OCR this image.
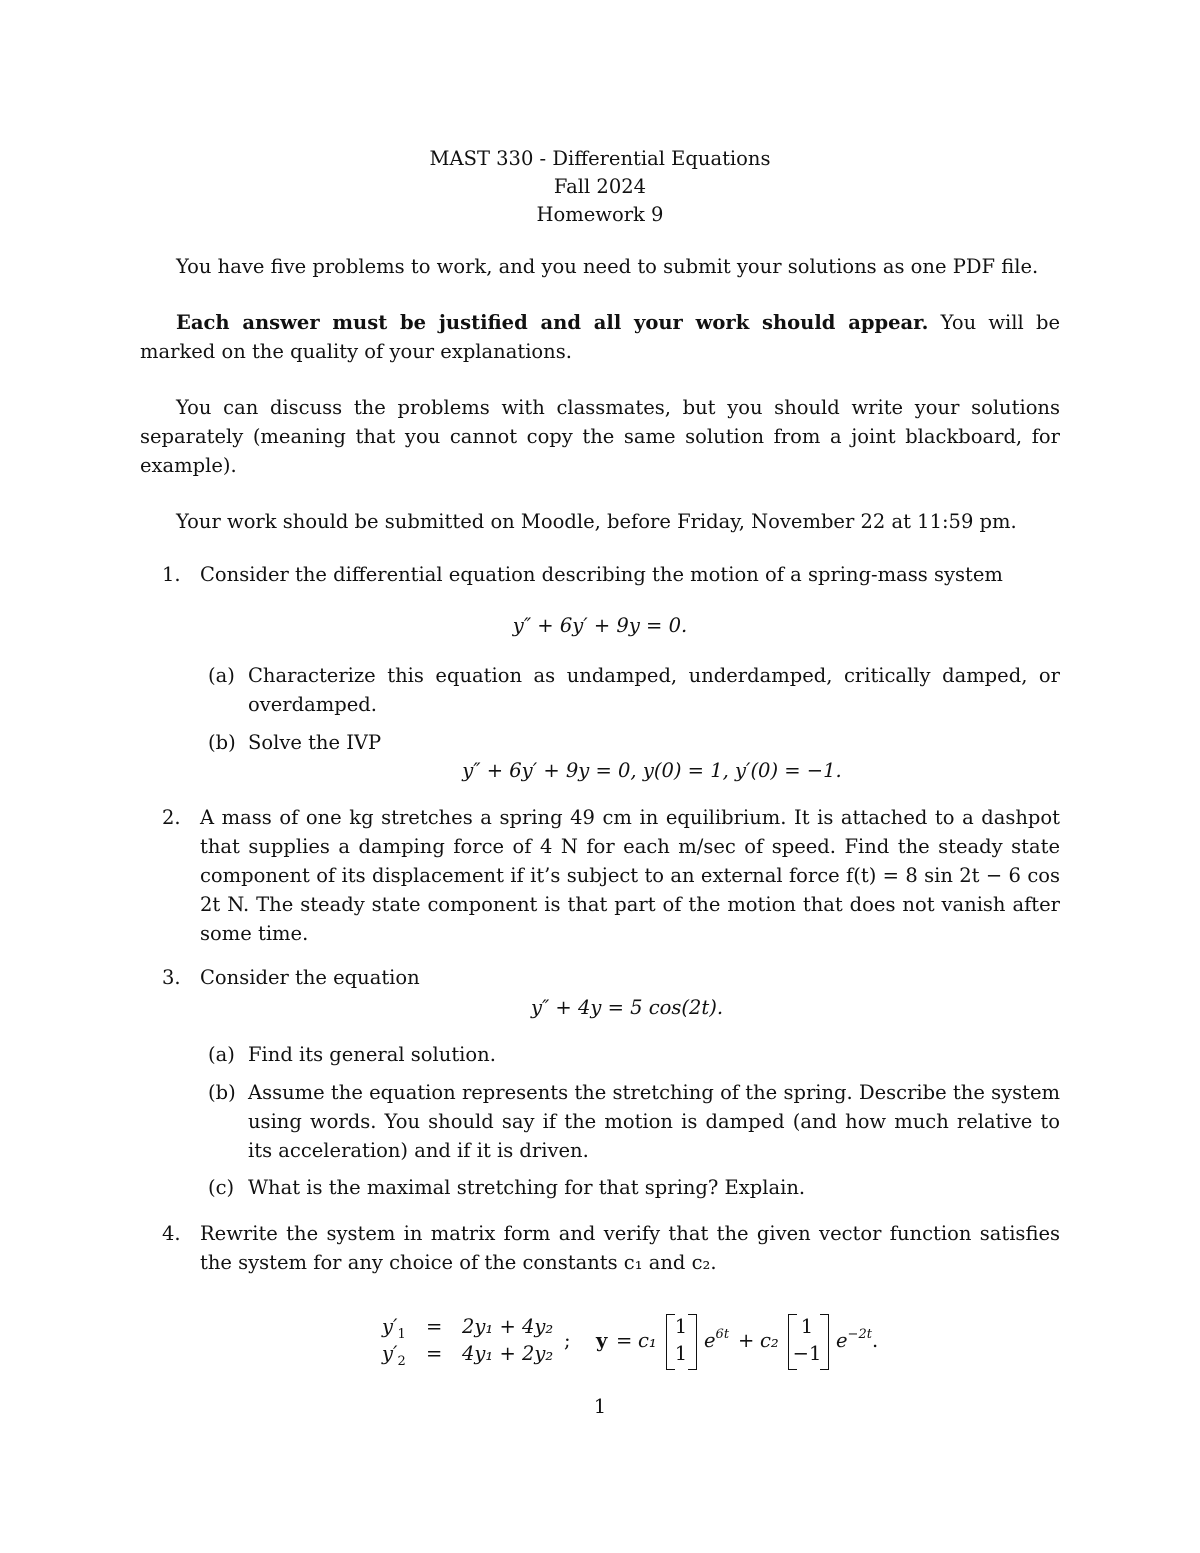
MAST 330 - Differential Equations
Fall 2024
Homework 9
You have five problems to work, and you need to submit your solutions as one PDF file.
Each answer must be justified and all your work should appear. You will be marked on the quality of your explanations.
You can discuss the problems with classmates, but you should write your solutions separately (meaning that you cannot copy the same solution from a joint blackboard, for example).
Your work should be submitted on Moodle, before Friday, November 22 at 11:59 pm.
1. Consider the differential equation describing the motion of a spring-mass system
y″ + 6y′ + 9y = 0.
(a) Characterize this equation as undamped, underdamped, critically damped, or overdamped.
(b) Solve the IVP
y″ + 6y′ + 9y = 0, y(0) = 1, y′(0) = −1.
2. A mass of one kg stretches a spring 49 cm in equilibrium. It is attached to a dashpot that supplies a damping force of 4 N for each m/sec of speed. Find the steady state component of its displacement if it’s subject to an external force f(t) = 8 sin 2t − 6 cos 2t N. The steady state component is that part of the motion that does not vanish after some time.
3. Consider the equation
y″ + 4y = 5 cos(2t).
(a) Find its general solution.
(b) Assume the equation represents the stretching of the spring. Describe the system using words. You should say if the motion is damped (and how much relative to its acceleration) and if it is driven.
(c) What is the maximal stretching for that spring? Explain.
4. Rewrite the system in matrix form and verify that the given vector function satisfies the system for any choice of the constants c₁ and c₂.
$y'_1 = 2y_1 + 4y_2$
$y'_2 = 4y_1 + 2y_2$
; y = c₁
1
1
$e^{6t} + c_2$
1
−1
$e^{-2t}$.
1
